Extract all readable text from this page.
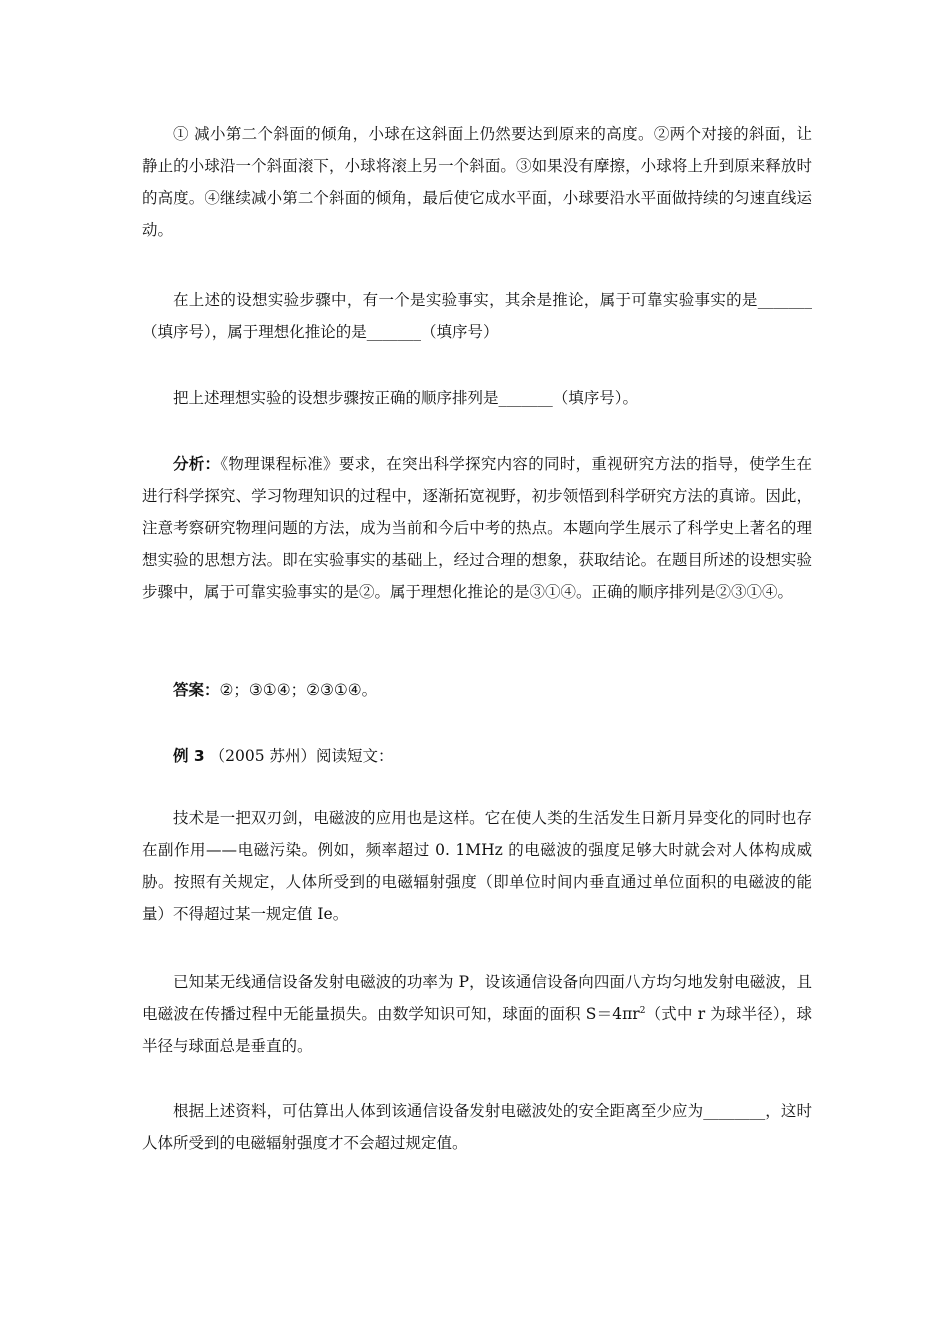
① 减小第二个斜面的倾角，小球在这斜面上仍然要达到原来的高度。②两个对接的斜面，让静止的小球沿一个斜面滚下，小球将滚上另一个斜面。③如果没有摩擦，小球将上升到原来释放时的高度。④继续减小第二个斜面的倾角，最后使它成水平面，小球要沿水平面做持续的匀速直线运动。

在上述的设想实验步骤中，有一个是实验事实，其余是推论，属于可靠实验事实的是_______（填序号），属于理想化推论的是_______（填序号）

把上述理想实验的设想步骤按正确的顺序排列是_______（填序号）。

分析：《物理课程标准》要求，在突出科学探究内容的同时，重视研究方法的指导，使学生在进行科学探究、学习物理知识的过程中，逐渐拓宽视野，初步领悟到科学研究方法的真谛。因此，注意考察研究物理问题的方法，成为当前和今后中考的热点。本题向学生展示了科学史上著名的理想实验的思想方法。即在实验事实的基础上，经过合理的想象，获取结论。在题目所述的设想实验步骤中，属于可靠实验事实的是②。属于理想化推论的是③①④。正确的顺序排列是②③①④。

答案：②；③①④；②③①④。

例 3 （2005 苏州）阅读短文：

技术是一把双刃剑，电磁波的应用也是这样。它在使人类的生活发生日新月异变化的同时也存在副作用——电磁污染。例如，频率超过 0. 1MHz 的电磁波的强度足够大时就会对人体构成威胁。按照有关规定，人体所受到的电磁辐射强度（即单位时间内垂直通过单位面积的电磁波的能量）不得超过某一规定值 Ie。

已知某无线通信设备发射电磁波的功率为 P，设该通信设备向四面八方均匀地发射电磁波，且电磁波在传播过程中无能量损失。由数学知识可知，球面的面积 $S=4\pi r^2$（式中 r 为球半径），球半径与球面总是垂直的。

根据上述资料，可估算出人体到该通信设备发射电磁波处的安全距离至少应为________，这时人体所受到的电磁辐射强度才不会超过规定值。
